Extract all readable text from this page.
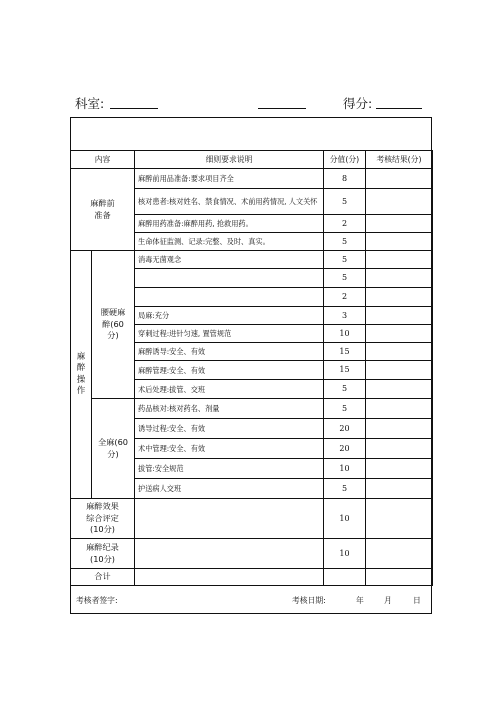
科室:	得分:
内容		细则要求说明	分值(分)	考核结果(分)

麻醉前准备		麻醉前用品准备:要求项目齐全	8	
		核对患者:核对姓名、禁食情况、术前用药情况, 人文关怀	5	
		麻醉用药准备:麻醉用药, 抢救用药。	2	
		生命体征监测、记录:完整、及时、真实。	5	

麻醉操作	腰硬麻醉(60分)	消毒无菌观念	5	
			5	
			2	
		局麻:充分	3	
		穿刺过程:进针匀速, 置管规范	10	
		麻醉诱导:安全、有效	15	
		麻醉管理:安全、有效	15	
		术后处理:拔管、交班	5	

	全麻(60分)	药品核对:核对药名、剂量	5	
		诱导过程:安全、有效	20	
		术中管理:安全、有效	20	
		拔管:安全规范	10	
		护送病人交班	5	

麻醉效果综合评定(10分)			10	

麻醉纪录(10分)			10	
合计				
考核者签字:	考核日期:	年	月	日
